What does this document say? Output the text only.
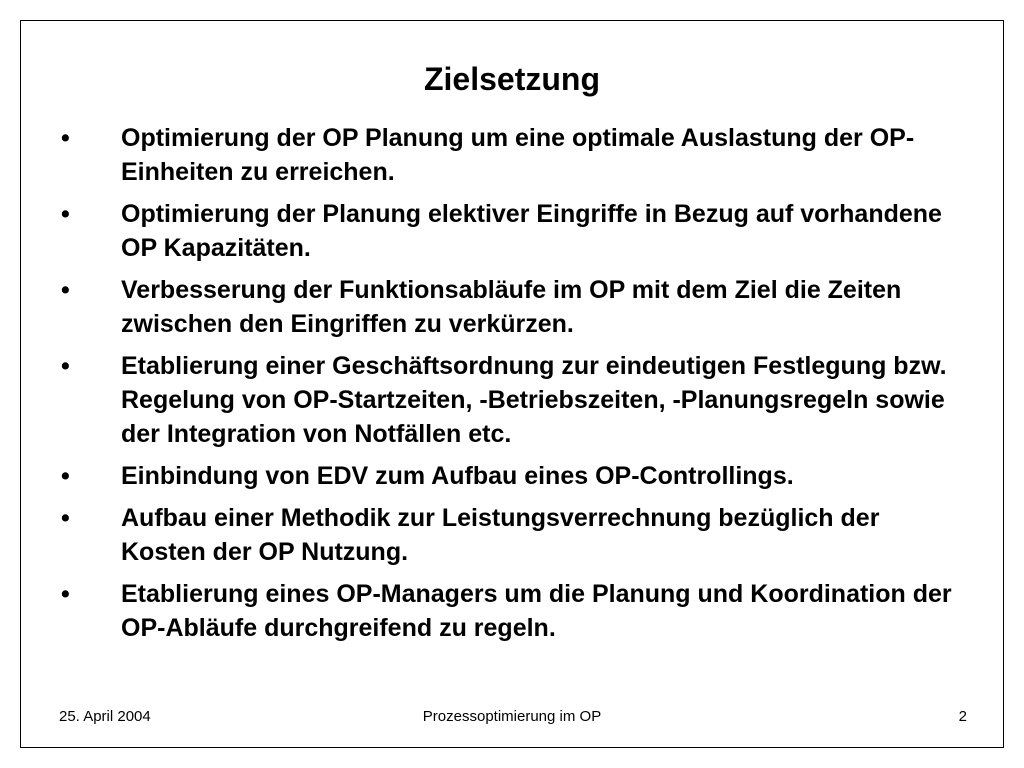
Zielsetzung
•	Optimierung der OP Planung um eine optimale Auslastung der OP-Einheiten zu erreichen.
•	Optimierung der Planung elektiver Eingriffe in Bezug auf vorhandene OP Kapazitäten.
•	Verbesserung der Funktionsabläufe im OP mit dem Ziel die Zeiten zwischen den Eingriffen zu verkürzen.
•	Etablierung einer Geschäftsordnung zur eindeutigen Festlegung bzw. Regelung von OP-Startzeiten, -Betriebszeiten, -Planungsregeln sowie der Integration von Notfällen etc.
•	Einbindung von EDV zum Aufbau eines OP-Controllings.
•	Aufbau einer Methodik zur Leistungsverrechnung bezüglich der Kosten der OP Nutzung.
•	Etablierung eines OP-Managers um die Planung und Koordination der OP-Abläufe durchgreifend zu regeln.
25. April 2004	Prozessoptimierung im OP	2
